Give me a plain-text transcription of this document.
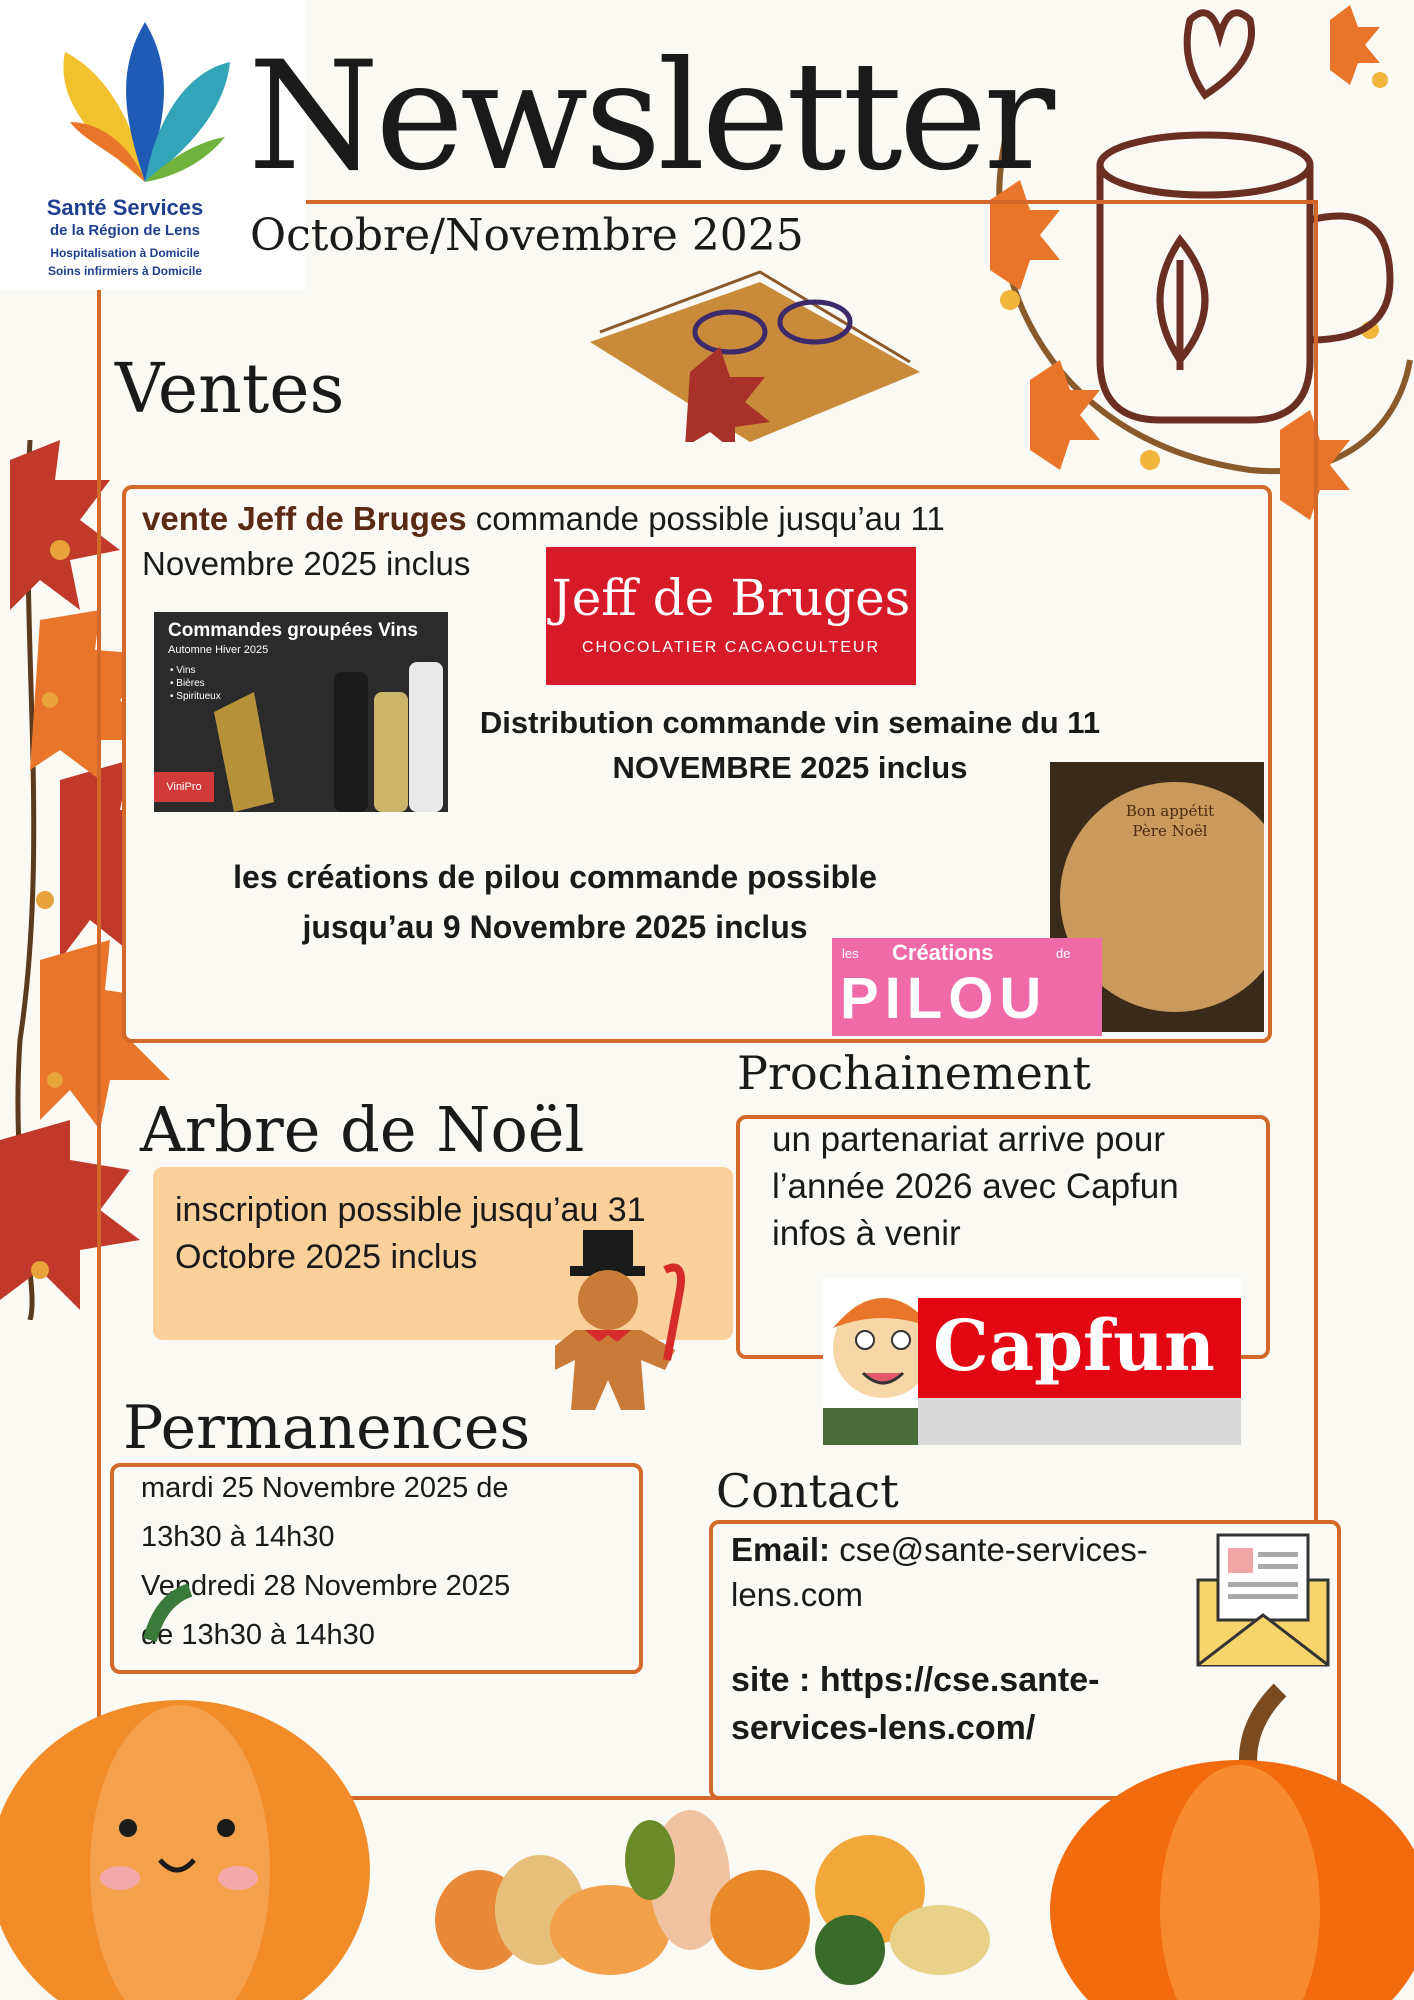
Santé Services
de la Région de Lens
Hospitalisation à Domicile
Soins infirmiers à Domicile
Newsletter
Octobre/Novembre 2025
Ventes
vente Jeff de Bruges commande possible jusqu’au 11 Novembre 2025 inclus
Jeff de Bruges
CHOCOLATIER CACAOCULTEUR
Commandes groupées Vins
Automne Hiver 2025
• Vins
• Bières
• Spiritueux
ViniPro
Distribution commande vin semaine du 11
NOVEMBRE 2025 inclus
Bon appétit
Père Noël
les créations de pilou commande possible
jusqu’au 9 Novembre 2025 inclus
les Créations	de
PILOU
Prochainement
un partenariat arrive pour l’année 2026 avec Capfun infos à venir
Capfun
Arbre de Noël
inscription possible jusqu’au 31 Octobre 2025 inclus
Permanences
mardi 25 Novembre 2025 de
13h30 à 14h30
Vendredi 28 Novembre 2025
de 13h30 à 14h30
Contact
Email: cse@sante-services-lens.com
site : https://cse.sante-services-lens.com/
